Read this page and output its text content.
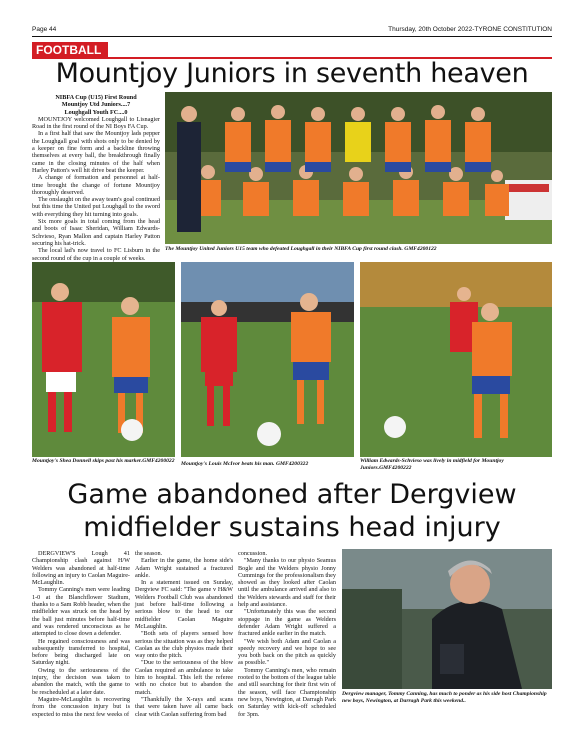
Page 44	Thursday, 20th October 2022-TYRONE CONSTITUTION
FOOTBALL
Mountjoy Juniors in seventh heaven

NIBFA Cup (U15) First Round

Mountjoy Utd Juniors....7

Loughgall Youth FC....0

MOUNTJOY welcomed Loughgall to Lisnagier Road in the first round of the NI Boys FA Cup.

In a first half that saw the Mountjoy lads pepper the Loughgall goal with shots only to be denied by a keeper on fine form and a backline throwing themselves at every ball, the breakthrough finally came in the closing minutes of the half when Harley Patton's well hit drive beat the keeper.

A change of formation and personnel at half-time brought the change of fortune Mountjoy thoroughly deserved.

The onslaught on the away team's goal continued but this time the United put Loughgall to the sword with everything they hit turning into goals.

Six more goals in total coming from the head and boots of Isaac Sheridan, William Edwards-Schvieso, Ryan Mallon and captain Harley Patton securing his hat-trick.

The local lad's now travel to FC Lisburn in the second round of the cup in a couple of weeks.

The Mountjoy United Juniors U15 team who defeated Loughgall in their NIBFA Cup first round clash. GMF4200122
Mountjoy's Shea Donnell skips past his marker.GMF4200022 Mountjoy's Louis McIvor beats his man. GMF4200322	William Edwards-Schvieso was lively in midfield for Mountjoy Juniors.GMF4200222
Game abandoned after Dergview
midfielder sustains head injury

DERGVIEW'S Lough 41 Championship clash against H/W Welders was abandoned at half-time following an injury to Caolan Maguire-McLaughlin.

Tommy Canning's men were leading 1-0 at the Blanchflower Stadium, thanks to a Sam Robb header, when the midfielder was struck on the head by the ball just minutes before half-time and was rendered unconscious as he attempted to close down a defender.

He regained consciousness and was subsequently transferred to hospital, before being discharged late on Saturday night.

Owing to the seriousness of the injury, the decision was taken to abandon the match, with the game to be rescheduled at a later date.

Maguire-McLaughlin is recovering from the concussion injury but is expected to miss the next few weeks of

the season.

Earlier in the game, the home side's Adam Wright sustained a fractured ankle.

In a statement issued on Sunday, Dergview FC said: "The game v H&W Welders Football Club was abandoned just before half-time following a serious blow to the head to our midfielder Caolan Maguire McLaughlin.

"Both sets of players sensed how serious the situation was as they helped Caolan as the club physios made their way onto the pitch.

"Due to the seriousness of the blow Caolan required an ambulance to take him to hospital. This left the referee with no choice but to abandon the match.

"Thankfully the X-rays and scans that were taken have all came back clear with Caolan suffering from bad

concussion.

"Many thanks to our physio Seamus Bogle and the Welders physio Jonny Cummings for the professionalism they showed as they looked after Caolan until the ambulance arrived and also to the Welders stewards and staff for their help and assistance.

"Unfortunately this was the second stoppage in the game as Welders defender Adam Wright suffered a fractured ankle earlier in the match.

"We wish both Adam and Caolan a speedy recovery and we hope to see you both back on the pitch as quickly as possible."

Tommy Canning's men, who remain rooted to the bottom of the league table and still searching for their first win of the season, will face Championship new boys, Newington, at Darragh Park on Saturday with kick-off scheduled for 3pm.

Dergview manager, Tommy Canning, has much to ponder as his side host Championship new boys, Newington, at Darragh Park this weekend..
